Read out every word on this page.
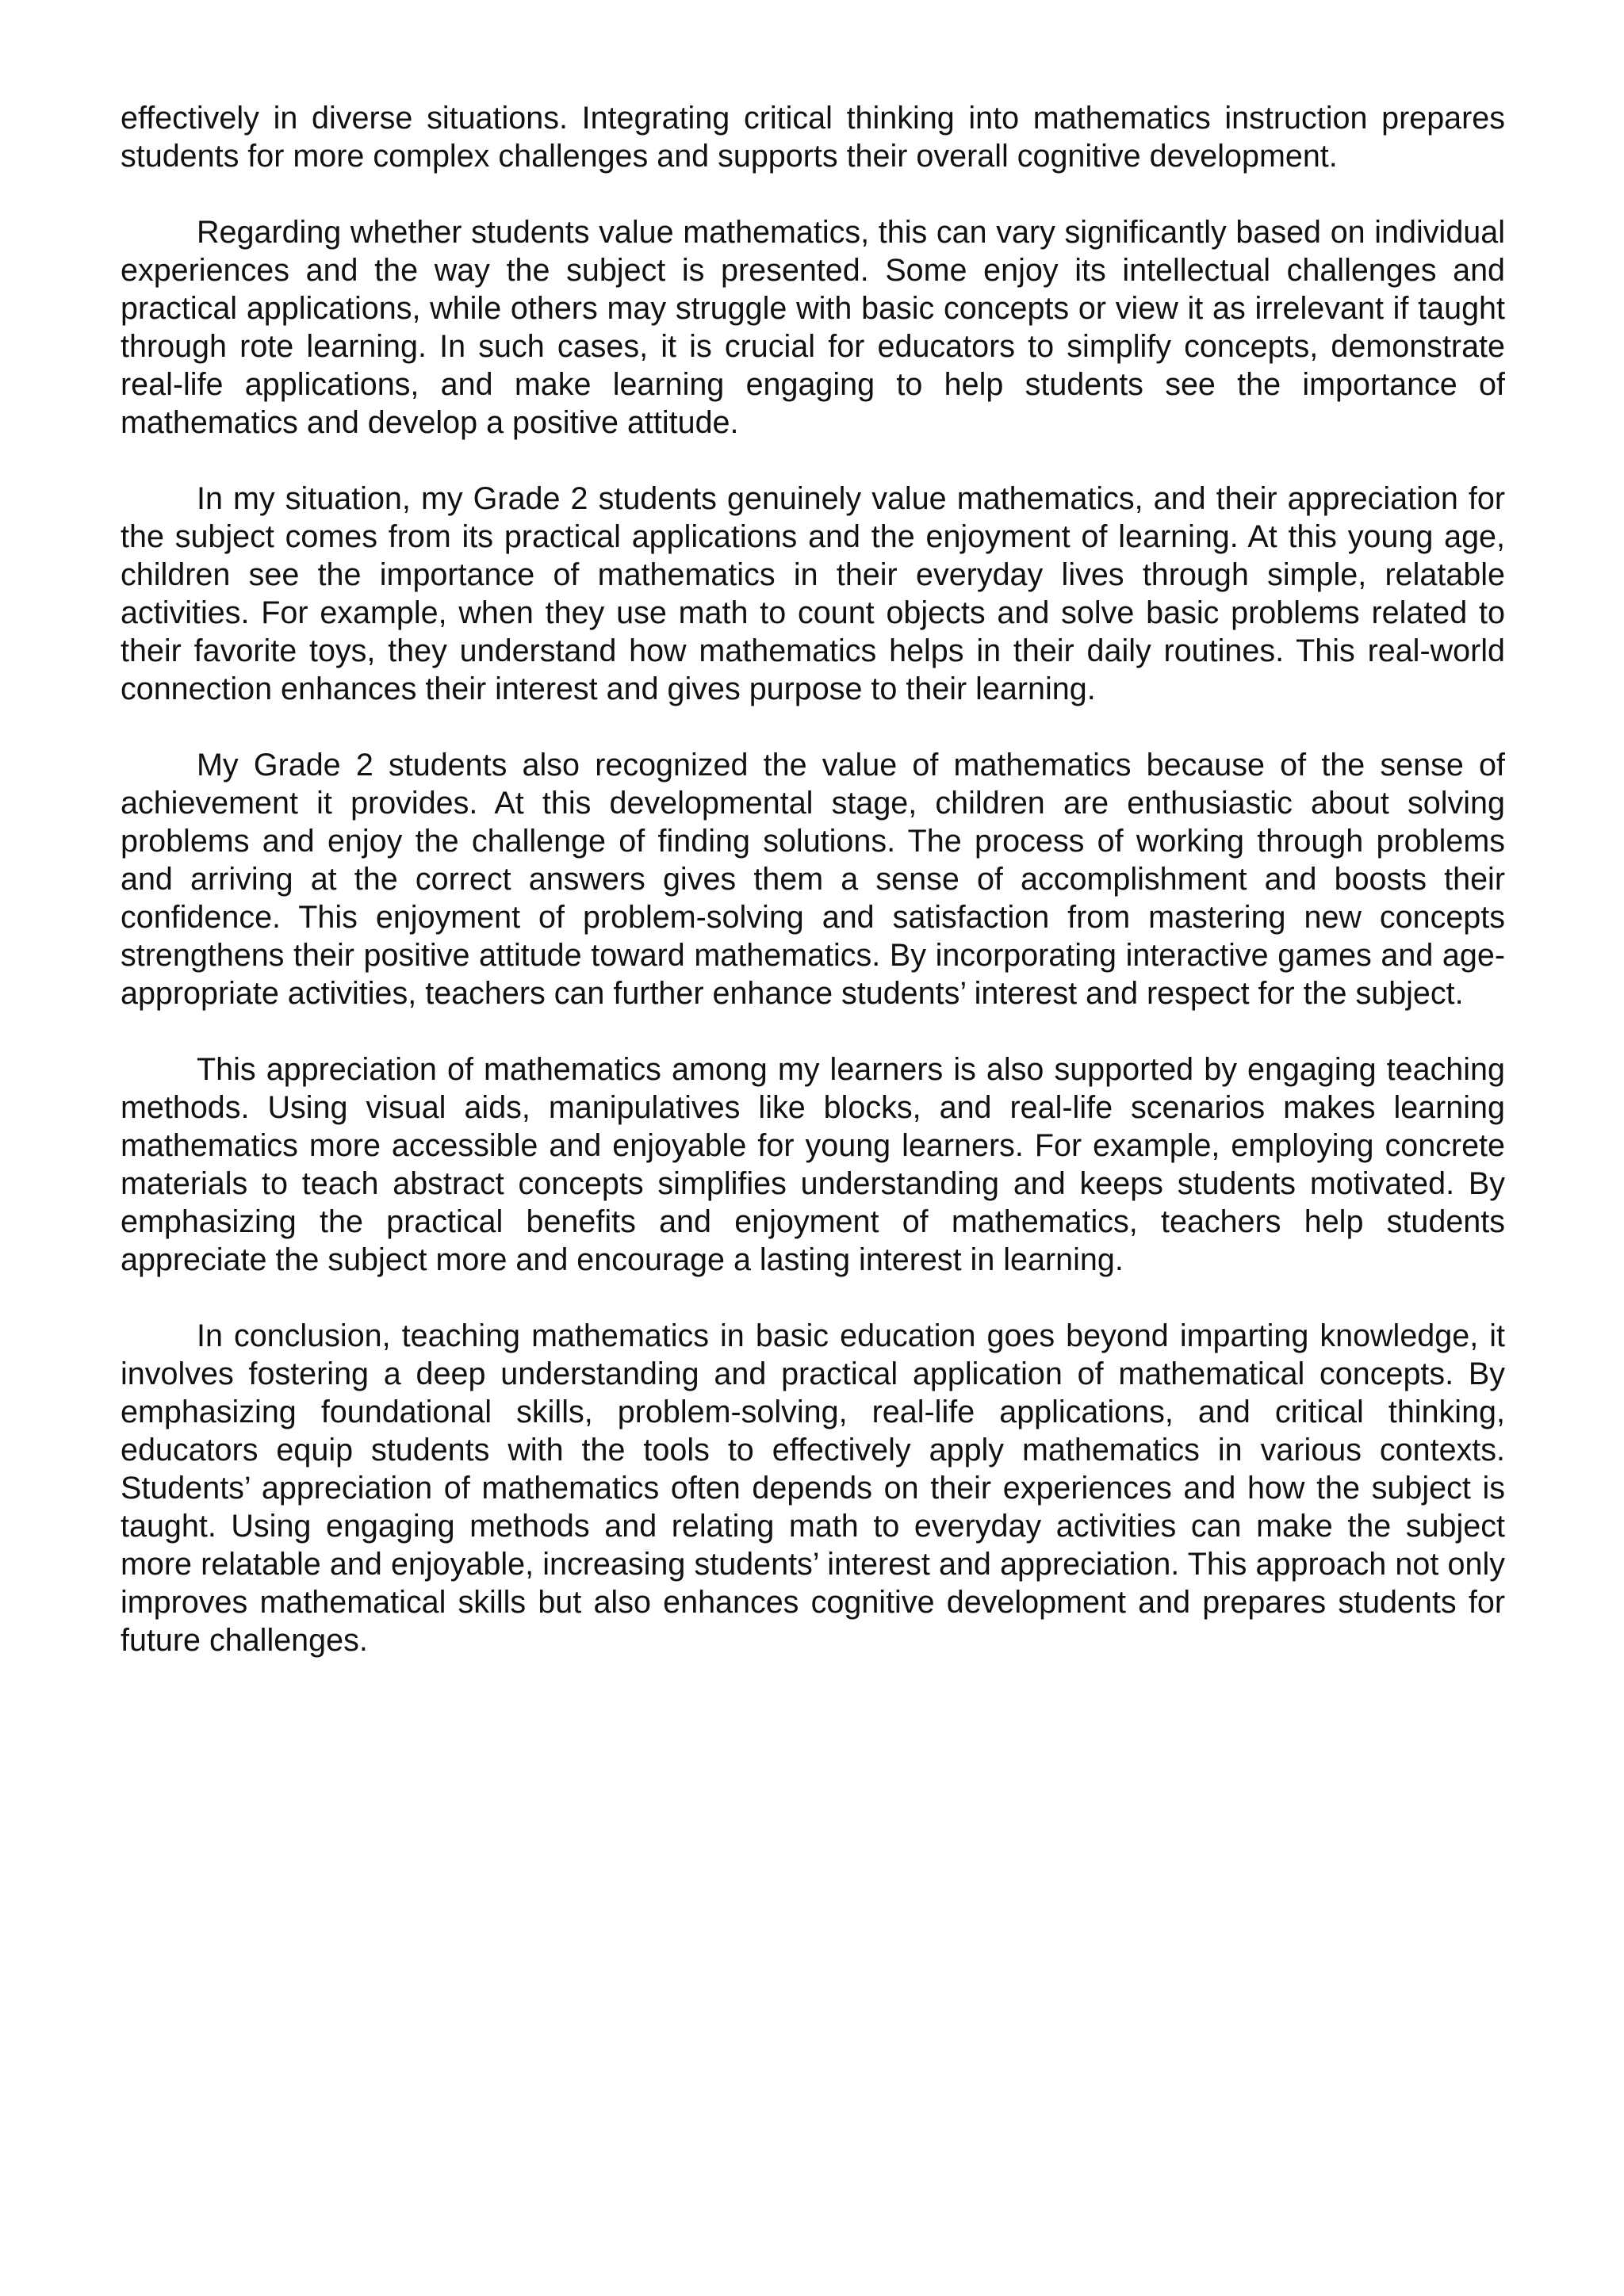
effectively in diverse situations. Integrating critical thinking into mathematics instruction prepares students for more complex challenges and supports their overall cognitive development.

Regarding whether students value mathematics, this can vary significantly based on individual experiences and the way the subject is presented. Some enjoy its intellectual challenges and practical applications, while others may struggle with basic concepts or view it as irrelevant if taught through rote learning. In such cases, it is crucial for educators to simplify concepts, demonstrate real-life applications, and make learning engaging to help students see the importance of mathematics and develop a positive attitude.

In my situation, my Grade 2 students genuinely value mathematics, and their appreciation for the subject comes from its practical applications and the enjoyment of learning. At this young age, children see the importance of mathematics in their everyday lives through simple, relatable activities. For example, when they use math to count objects and solve basic problems related to their favorite toys, they understand how mathematics helps in their daily routines. This real-world connection enhances their interest and gives purpose to their learning.

My Grade 2 students also recognized the value of mathematics because of the sense of achievement it provides. At this developmental stage, children are enthusiastic about solving problems and enjoy the challenge of finding solutions. The process of working through problems and arriving at the correct answers gives them a sense of accomplishment and boosts their confidence. This enjoyment of problem-solving and satisfaction from mastering new concepts strengthens their positive attitude toward mathematics. By incorporating interactive games and age-appropriate activities, teachers can further enhance students’ interest and respect for the subject.

This appreciation of mathematics among my learners is also supported by engaging teaching methods. Using visual aids, manipulatives like blocks, and real-life scenarios makes learning mathematics more accessible and enjoyable for young learners. For example, employing concrete materials to teach abstract concepts simplifies understanding and keeps students motivated. By emphasizing the practical benefits and enjoyment of mathematics, teachers help students appreciate the subject more and encourage a lasting interest in learning.

In conclusion, teaching mathematics in basic education goes beyond imparting knowledge, it involves fostering a deep understanding and practical application of mathematical concepts. By emphasizing foundational skills, problem-solving, real-life applications, and critical thinking, educators equip students with the tools to effectively apply mathematics in various contexts. Students’ appreciation of mathematics often depends on their experiences and how the subject is taught. Using engaging methods and relating math to everyday activities can make the subject more relatable and enjoyable, increasing students’ interest and appreciation. This approach not only improves mathematical skills but also enhances cognitive development and prepares students for future challenges.
